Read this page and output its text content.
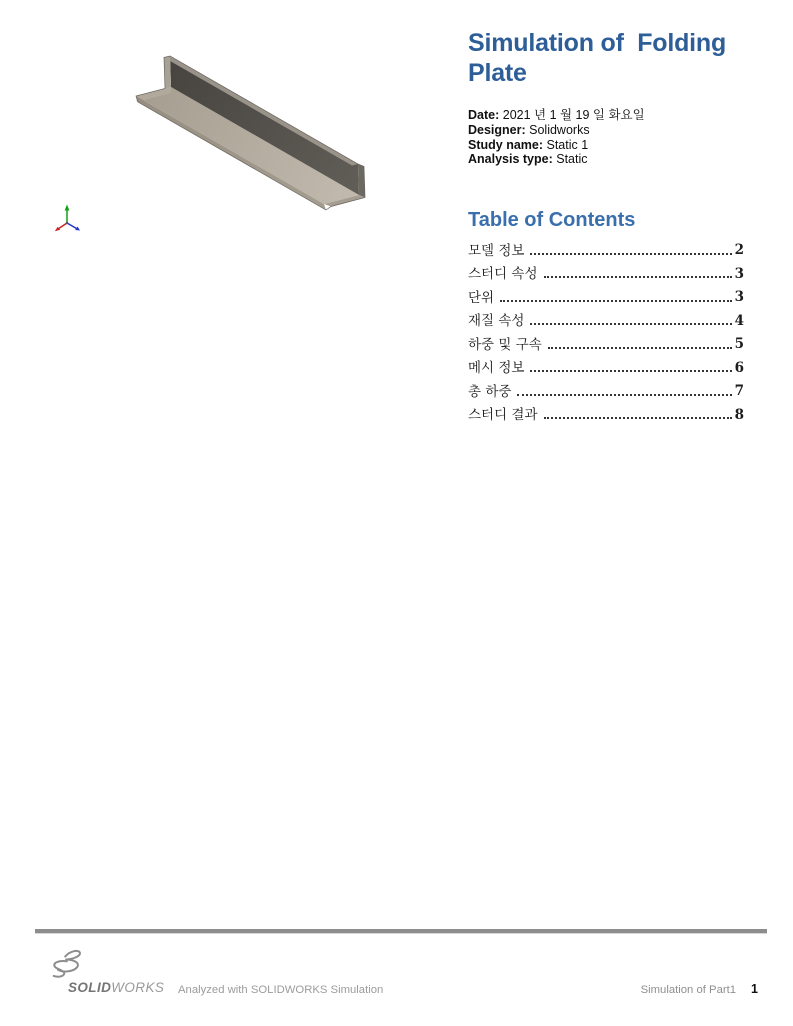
Simulation of  Folding Plate
Date: 2021 년 1 월 19 일 화요일
Designer: Solidworks
Study name: Static 1
Analysis type: Static
Table of Contents
모델 정보	2
스터디 속성	3
단위	3
재질 속성	4
하중 및 구속	5
메시 정보	6
총 하중	7
스터디 결과	8
SOLIDWORKS Analyzed with SOLIDWORKS Simulation	Simulation of Part1 1
